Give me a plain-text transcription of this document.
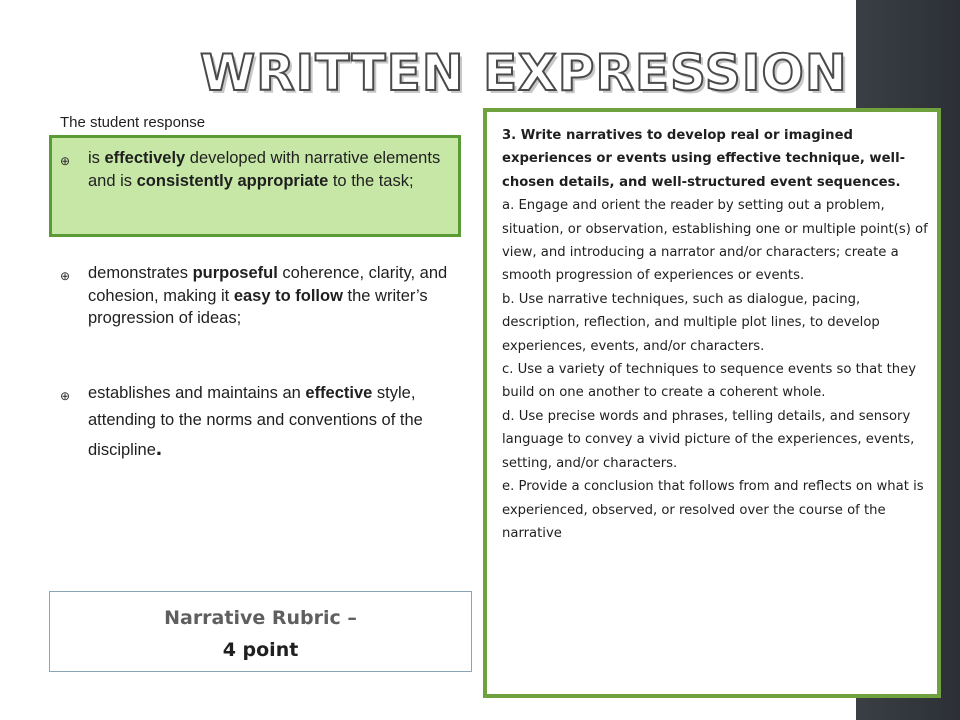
WRITTEN EXPRESSION
The student response
⊕ is effectively developed with narrative elements and is consistently appropriate to the task;
⊕ demonstrates purposeful coherence, clarity, and cohesion, making it easy to follow the writer’s progression of ideas;
⊕ establishes and maintains an effective style, attending to the norms and conventions of the discipline.
Narrative Rubric –
4 point

3. Write narratives to develop real or imagined experiences or events using effective technique, well-chosen details, and well-structured event sequences.

a. Engage and orient the reader by setting out a problem, situation, or observation, establishing one or multiple point(s) of view, and introducing a narrator and/or characters; create a smooth progression of experiences or events.

b. Use narrative techniques, such as dialogue, pacing, description, reflection, and multiple plot lines, to develop experiences, events, and/or characters.

c. Use a variety of techniques to sequence events so that they build on one another to create a coherent whole.

d. Use precise words and phrases, telling details, and sensory language to convey a vivid picture of the experiences, events, setting, and/or characters.

e. Provide a conclusion that follows from and reflects on what is experienced, observed, or resolved over the course of the narrative
